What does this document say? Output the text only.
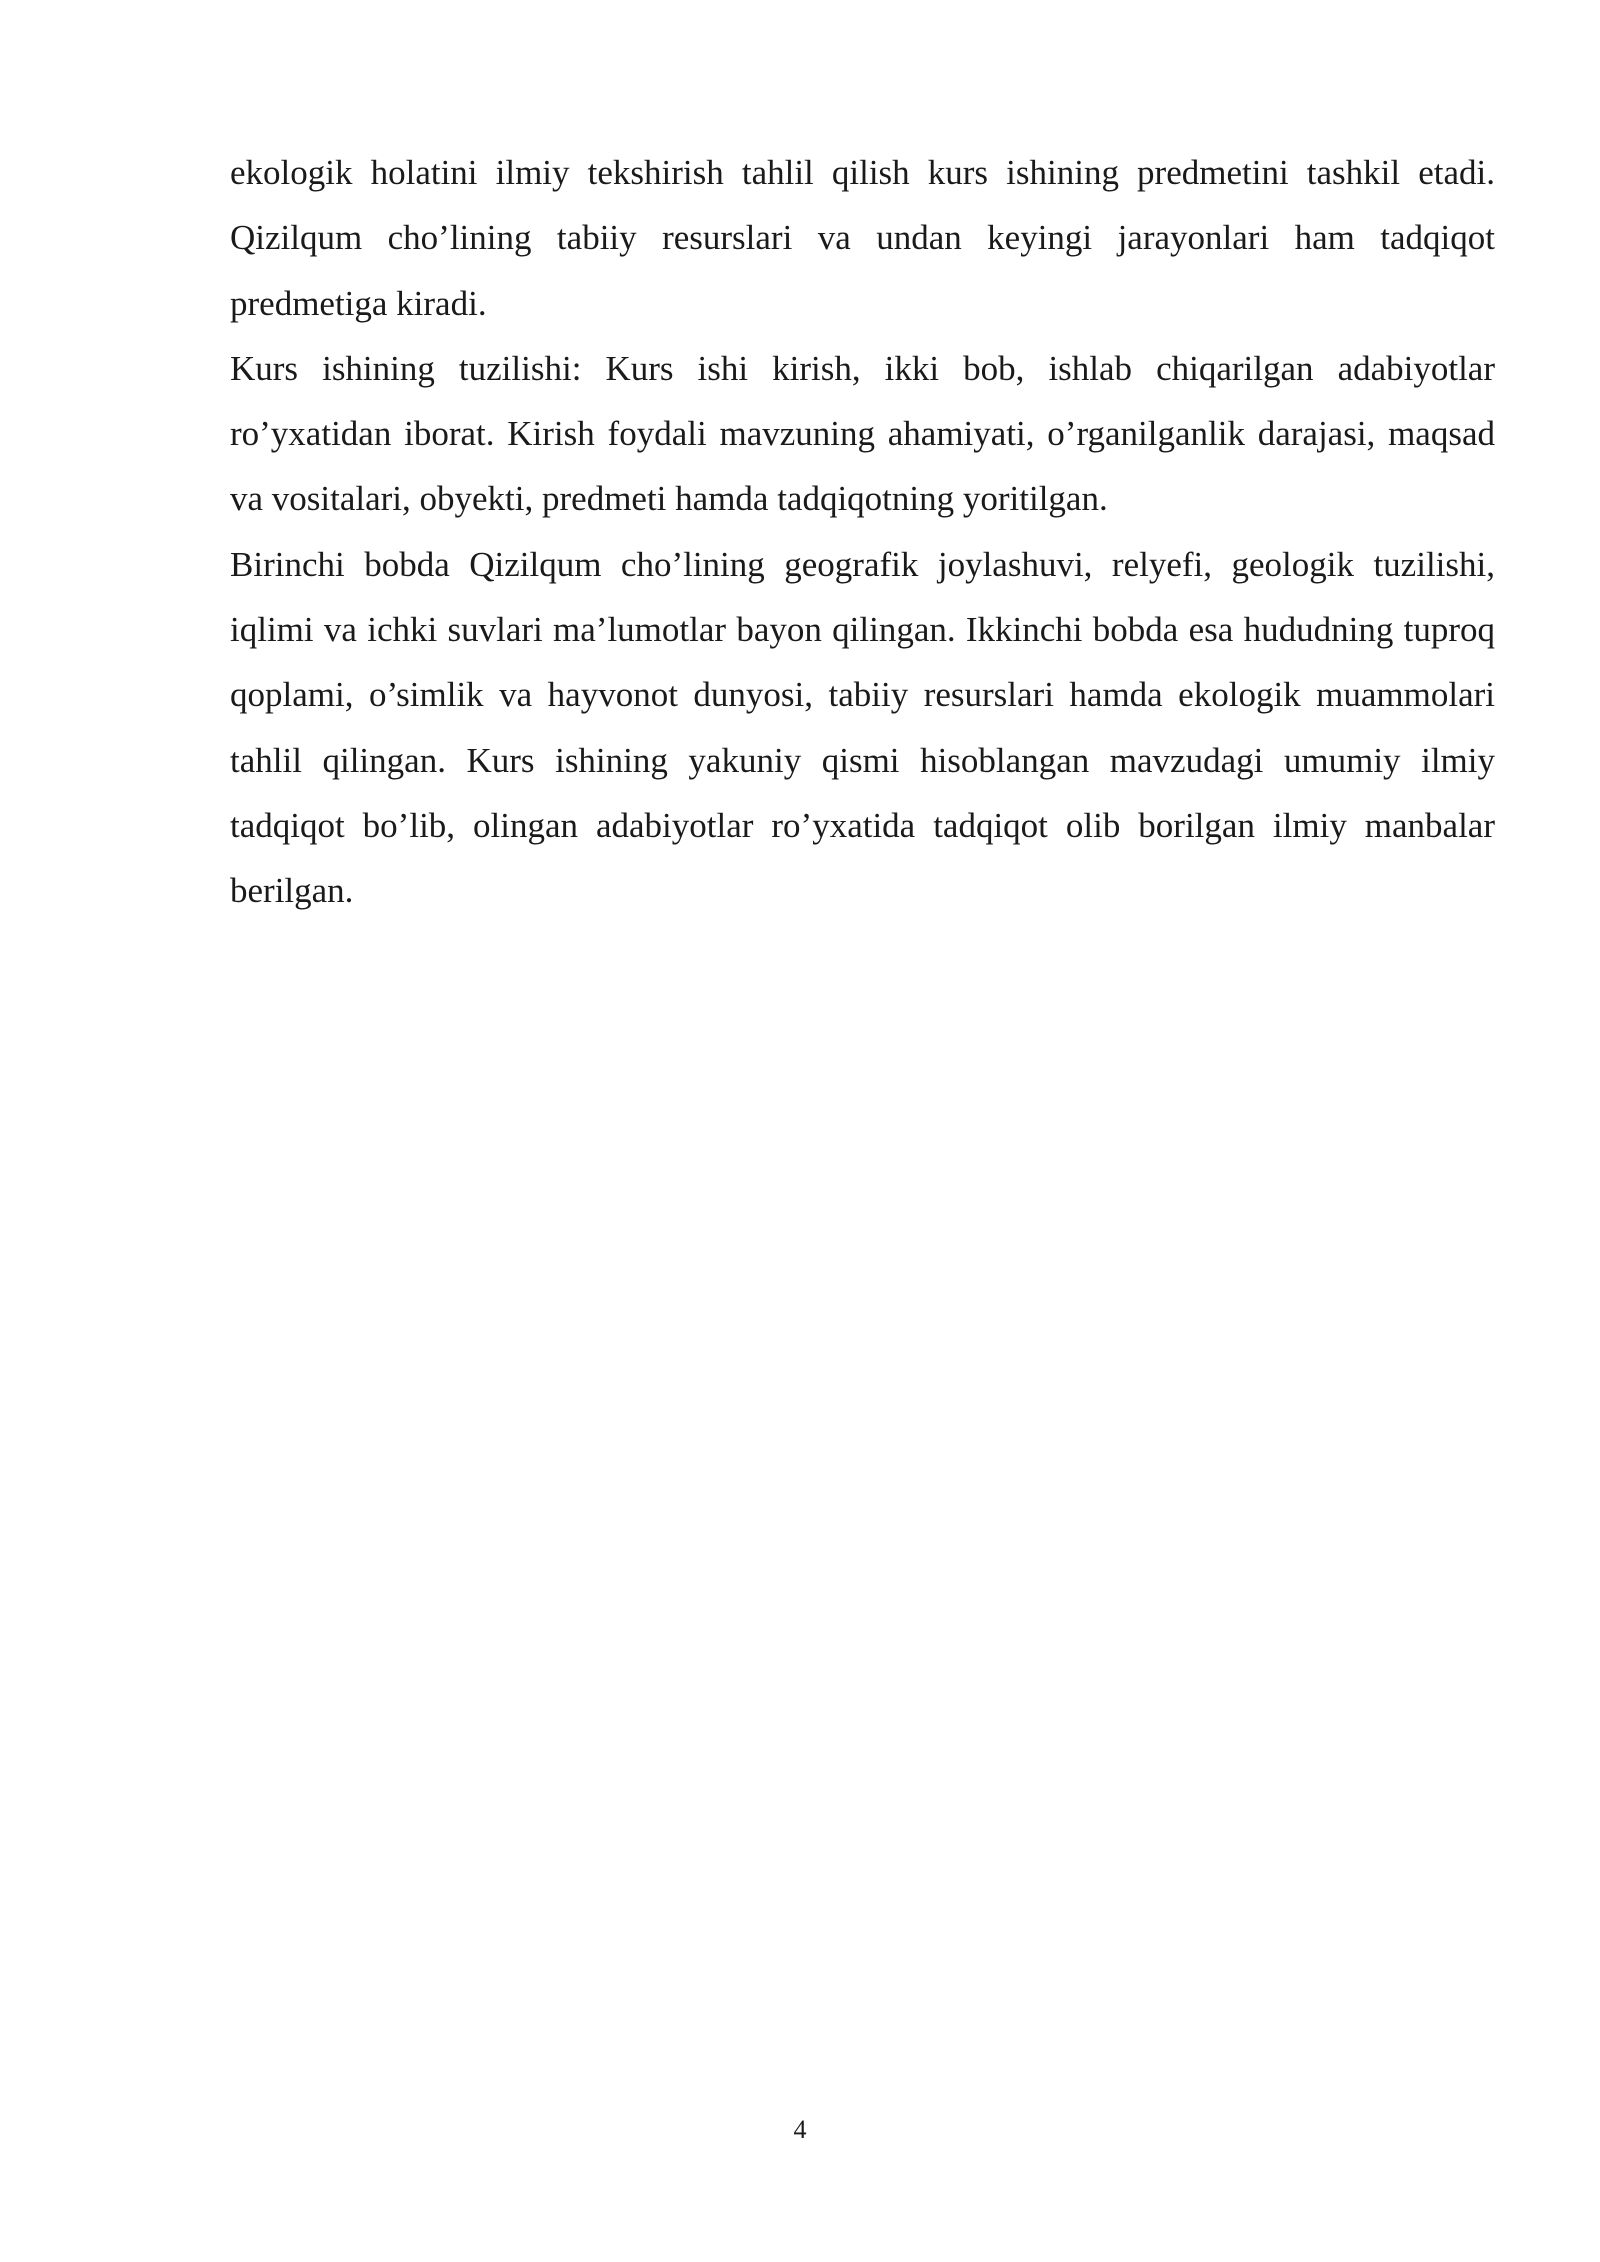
ekologik holatini ilmiy tekshirish tahlil qilish kurs ishining predmetini tashkil etadi. Qizilqum cho’lining tabiiy resurslari va undan keyingi jarayonlari ham tadqiqot predmetiga kiradi.

Kurs ishining tuzilishi: Kurs ishi kirish, ikki bob, ishlab chiqarilgan adabiyotlar ro’yxatidan iborat. Kirish foydali mavzuning ahamiyati, o’rganilganlik darajasi, maqsad va vositalari, obyekti, predmeti hamda tadqiqotning yoritilgan.

Birinchi bobda Qizilqum cho’lining geografik joylashuvi, relyefi, geologik tuzilishi, iqlimi va ichki suvlari ma’lumotlar bayon qilingan. Ikkinchi bobda esa hududning tuproq qoplami, o’simlik va hayvonot dunyosi, tabiiy resurslari hamda ekologik muammolari tahlil qilingan. Kurs ishining yakuniy qismi hisoblangan mavzudagi umumiy ilmiy tadqiqot bo’lib, olingan adabiyotlar ro’yxatida tadqiqot olib borilgan ilmiy manbalar berilgan.

4
